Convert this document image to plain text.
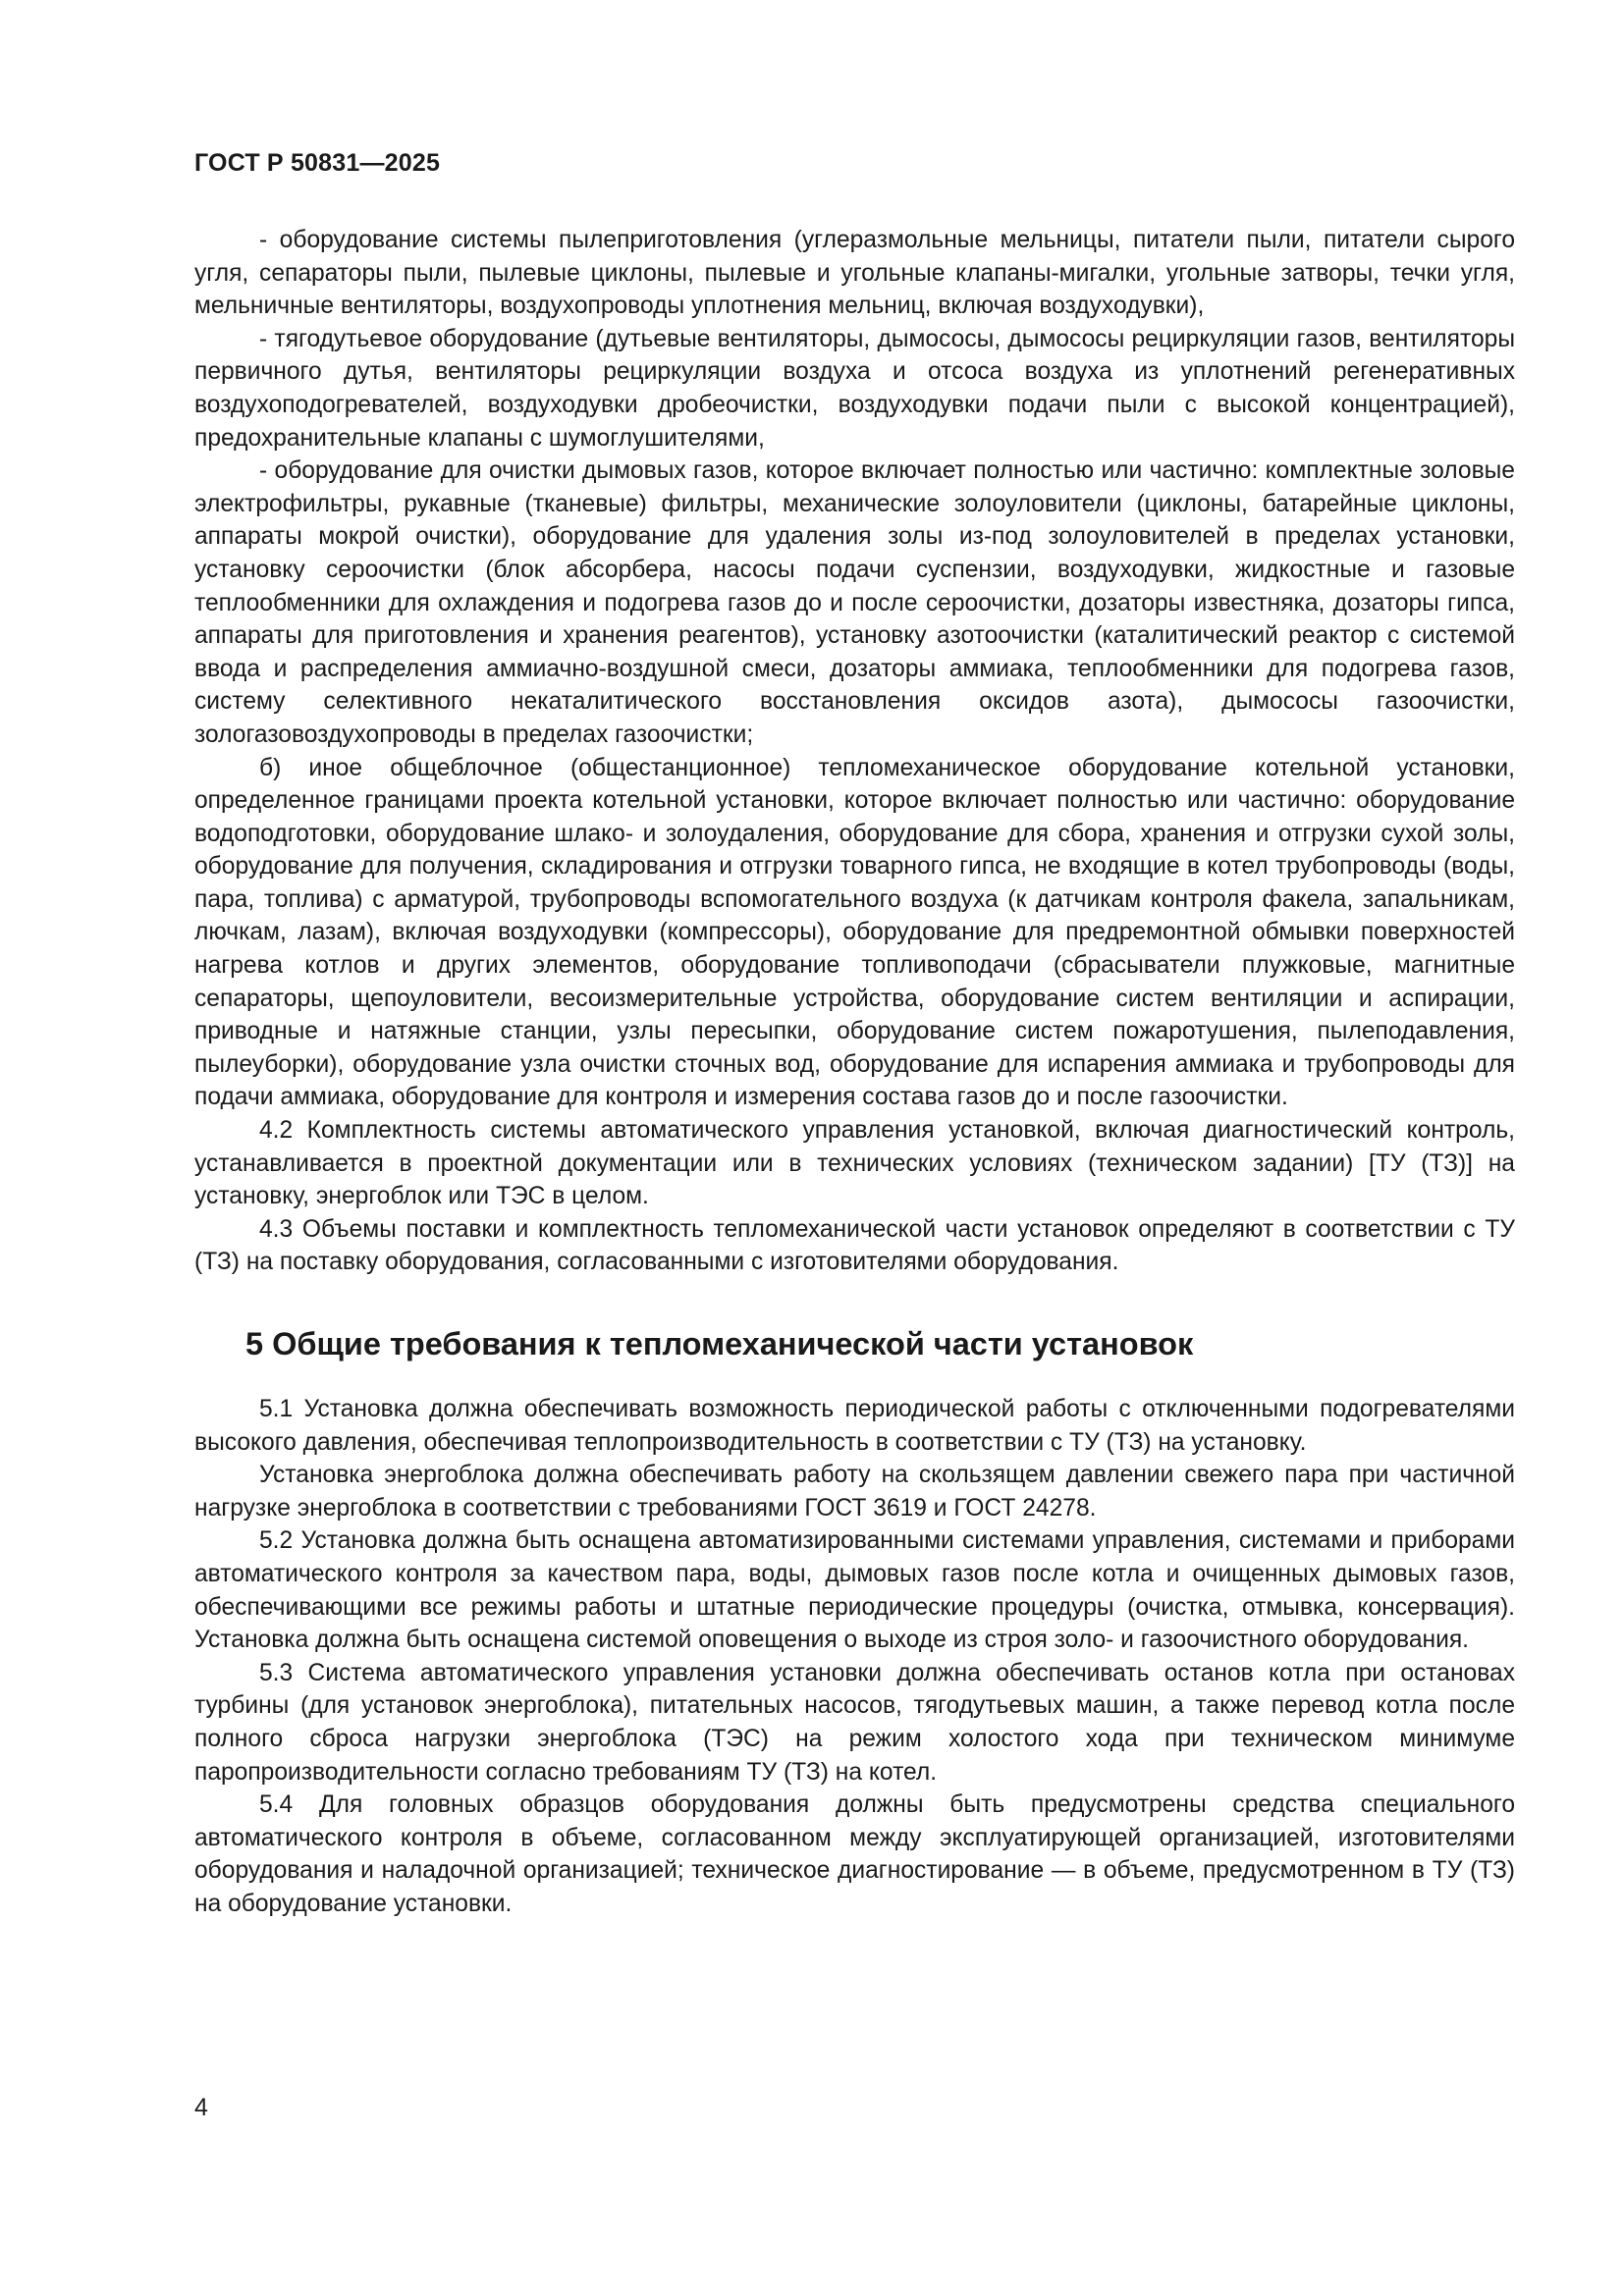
ГОСТ Р 50831—2025

- оборудование системы пылеприготовления (углеразмольные мельницы, питатели пыли, питатели сырого угля, сепараторы пыли, пылевые циклоны, пылевые и угольные клапаны-мигалки, угольные затворы, течки угля, мельничные вентиляторы, воздухопроводы уплотнения мельниц, включая воздуходувки),

- тягодутьевое оборудование (дутьевые вентиляторы, дымососы, дымососы рециркуляции газов, вентиляторы первичного дутья, вентиляторы рециркуляции воздуха и отсоса воздуха из уплотнений регенеративных воздухоподогревателей, воздуходувки дробеочистки, воздуходувки подачи пыли с высокой концентрацией), предохранительные клапаны с шумоглушителями,

- оборудование для очистки дымовых газов, которое включает полностью или частично: комплектные золовые электрофильтры, рукавные (тканевые) фильтры, механические золоуловители (циклоны, батарейные циклоны, аппараты мокрой очистки), оборудование для удаления золы из-под золоуловителей в пределах установки, установку сероочистки (блок абсорбера, насосы подачи суспензии, воздуходувки, жидкостные и газовые теплообменники для охлаждения и подогрева газов до и после сероочистки, дозаторы известняка, дозаторы гипса, аппараты для приготовления и хранения реагентов), установку азотоочистки (каталитический реактор с системой ввода и распределения аммиачно-воздушной смеси, дозаторы аммиака, теплообменники для подогрева газов, систему селективного некаталитического восстановления оксидов азота), дымососы газоочистки, зологазовоздухопроводы в пределах газоочистки;

б) иное общеблочное (общестанционное) тепломеханическое оборудование котельной установки, определенное границами проекта котельной установки, которое включает полностью или частично: оборудование водоподготовки, оборудование шлако- и золоудаления, оборудование для сбора, хранения и отгрузки сухой золы, оборудование для получения, складирования и отгрузки товарного гипса, не входящие в котел трубопроводы (воды, пара, топлива) с арматурой, трубопроводы вспомогательного воздуха (к датчикам контроля факела, запальникам, лючкам, лазам), включая воздуходувки (компрессоры), оборудование для предремонтной обмывки поверхностей нагрева котлов и других элементов, оборудование топливоподачи (сбрасыватели плужковые, магнитные сепараторы, щепоуловители, весоизмерительные устройства, оборудование систем вентиляции и аспирации, приводные и натяжные станции, узлы пересыпки, оборудование систем пожаротушения, пылеподавления, пылеуборки), оборудование узла очистки сточных вод, оборудование для испарения аммиака и трубопроводы для подачи аммиака, оборудование для контроля и измерения состава газов до и после газоочистки.

4.2 Комплектность системы автоматического управления установкой, включая диагностический контроль, устанавливается в проектной документации или в технических условиях (техническом задании) [ТУ (ТЗ)] на установку, энергоблок или ТЭС в целом.

4.3 Объемы поставки и комплектность тепломеханической части установок определяют в соответствии с ТУ (ТЗ) на поставку оборудования, согласованными с изготовителями оборудования.

5 Общие требования к тепломеханической части установок

5.1 Установка должна обеспечивать возможность периодической работы с отключенными подогревателями высокого давления, обеспечивая теплопроизводительность в соответствии с ТУ (ТЗ) на установку.

Установка энергоблока должна обеспечивать работу на скользящем давлении свежего пара при частичной нагрузке энергоблока в соответствии с требованиями ГОСТ 3619 и ГОСТ 24278.

5.2 Установка должна быть оснащена автоматизированными системами управления, системами и приборами автоматического контроля за качеством пара, воды, дымовых газов после котла и очищенных дымовых газов, обеспечивающими все режимы работы и штатные периодические процедуры (очистка, отмывка, консервация). Установка должна быть оснащена системой оповещения о выходе из строя золо- и газоочистного оборудования.

5.3 Система автоматического управления установки должна обеспечивать останов котла при остановах турбины (для установок энергоблока), питательных насосов, тягодутьевых машин, а также перевод котла после полного сброса нагрузки энергоблока (ТЭС) на режим холостого хода при техническом минимуме паропроизводительности согласно требованиям ТУ (ТЗ) на котел.

5.4 Для головных образцов оборудования должны быть предусмотрены средства специального автоматического контроля в объеме, согласованном между эксплуатирующей организацией, изготовителями оборудования и наладочной организацией; техническое диагностирование — в объеме, предусмотренном в ТУ (ТЗ) на оборудование установки.

4
